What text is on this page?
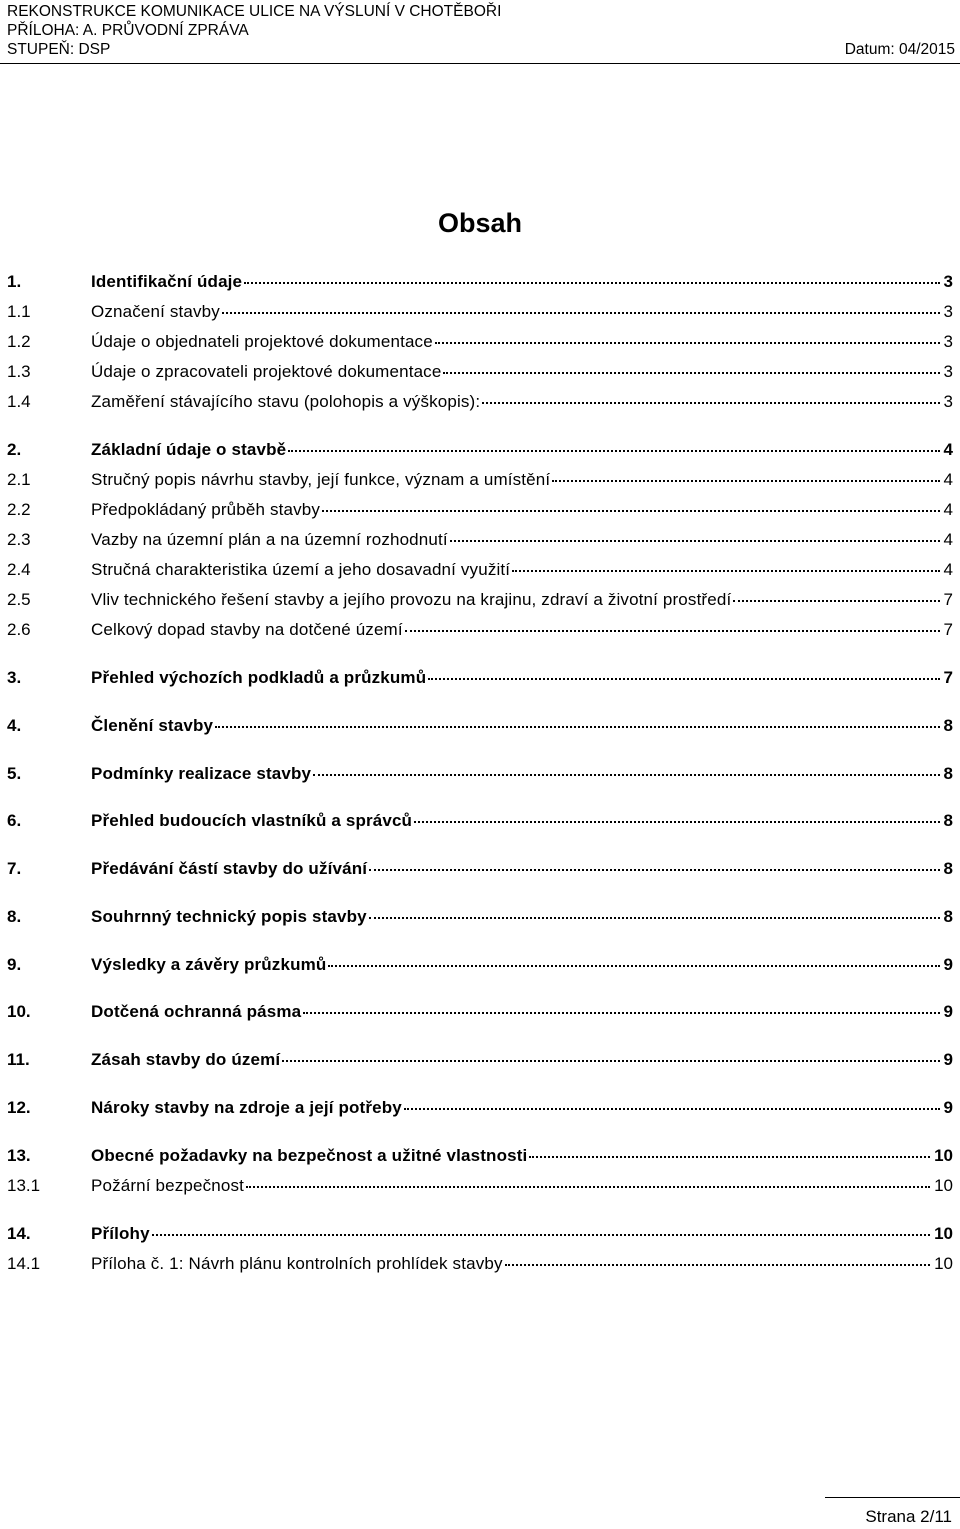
REKONSTRUKCE KOMUNIKACE ULICE NA VÝSLUNÍ V CHOTĚBOŘI
PŘÍLOHA: A. PRŮVODNÍ ZPRÁVA
STUPEŇ: DSP	Datum: 04/2015
Obsah
1.	Identifikační údaje	3
1.1	Označení stavby	3
1.2	Údaje o objednateli projektové dokumentace	3
1.3	Údaje o zpracovateli projektové dokumentace	3
1.4	Zaměření stávajícího stavu (polohopis a výškopis):	3
2.	Základní údaje o stavbě	4
2.1	Stručný popis návrhu stavby, její funkce, význam a umístění	4
2.2	Předpokládaný průběh stavby	4
2.3	Vazby na územní plán a na územní rozhodnutí	4
2.4	Stručná charakteristika území a jeho dosavadní využití	4
2.5	Vliv technického řešení stavby a jejího provozu na krajinu, zdraví a životní prostředí	7
2.6	Celkový dopad stavby na dotčené území	7
3.	Přehled výchozích podkladů a průzkumů	7
4.	Členění stavby	8
5.	Podmínky realizace stavby	8
6.	Přehled budoucích vlastníků a správců	8
7.	Předávání částí stavby do užívání	8
8.	Souhrnný technický popis stavby	8
9.	Výsledky a závěry průzkumů	9
10.	Dotčená ochranná pásma	9
11.	Zásah stavby do území	9
12.	Nároky stavby na zdroje a její potřeby	9
13.	Obecné požadavky na bezpečnost a užitné vlastnosti	10
13.1	Požární bezpečnost	10
14.	Přílohy	10
14.1	Příloha č. 1: Návrh plánu kontrolních prohlídek stavby	10
Strana 2/11
